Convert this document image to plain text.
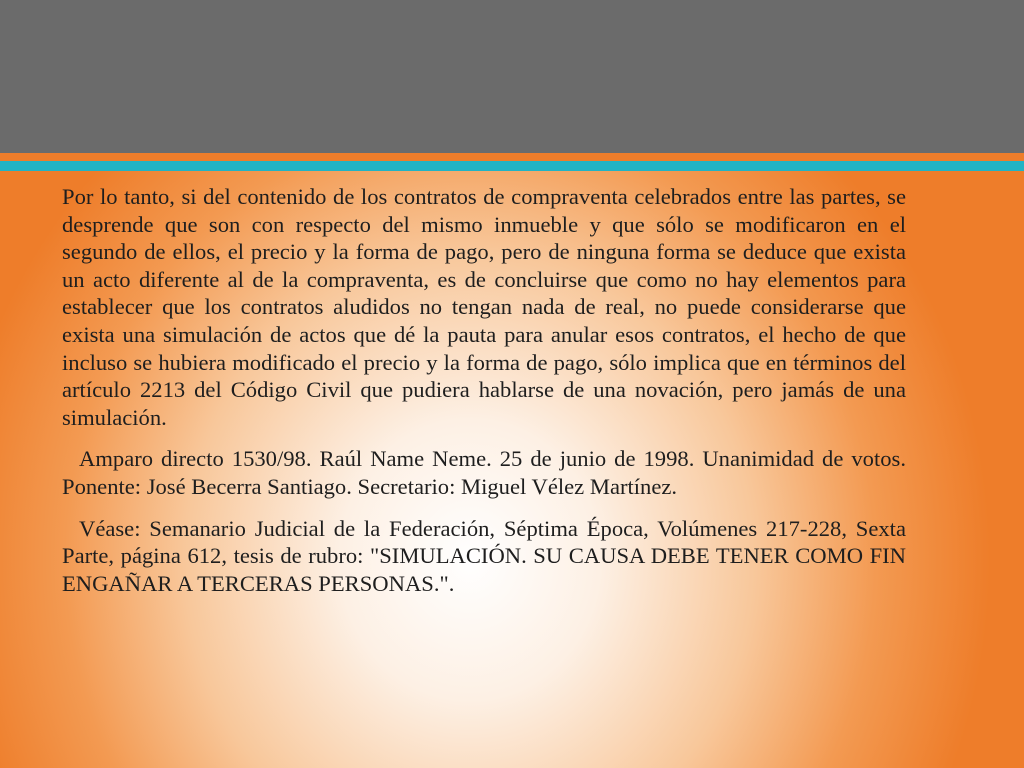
Por lo tanto, si del contenido de los contratos de compraventa celebrados entre las partes, se desprende que son con respecto del mismo inmueble y que sólo se modificaron en el segundo de ellos, el precio y la forma de pago, pero de ninguna forma se deduce que exista un acto diferente al de la compraventa, es de concluirse que como no hay elementos para establecer que los contratos aludidos no tengan nada de real, no puede considerarse que exista una simulación de actos que dé la pauta para anular esos contratos, el hecho de que incluso se hubiera modificado el precio y la forma de pago, sólo implica que en términos del artículo 2213 del Código Civil que pudiera hablarse de una novación, pero jamás de una simulación.

Amparo directo 1530/98. Raúl Name Neme. 25 de junio de 1998. Unanimidad de votos. Ponente: José Becerra Santiago. Secretario: Miguel Vélez Martínez.

Véase: Semanario Judicial de la Federación, Séptima Época, Volúmenes 217-228, Sexta Parte, página 612, tesis de rubro: "SIMULACIÓN. SU CAUSA DEBE TENER COMO FIN ENGAÑAR A TERCERAS PERSONAS.".
